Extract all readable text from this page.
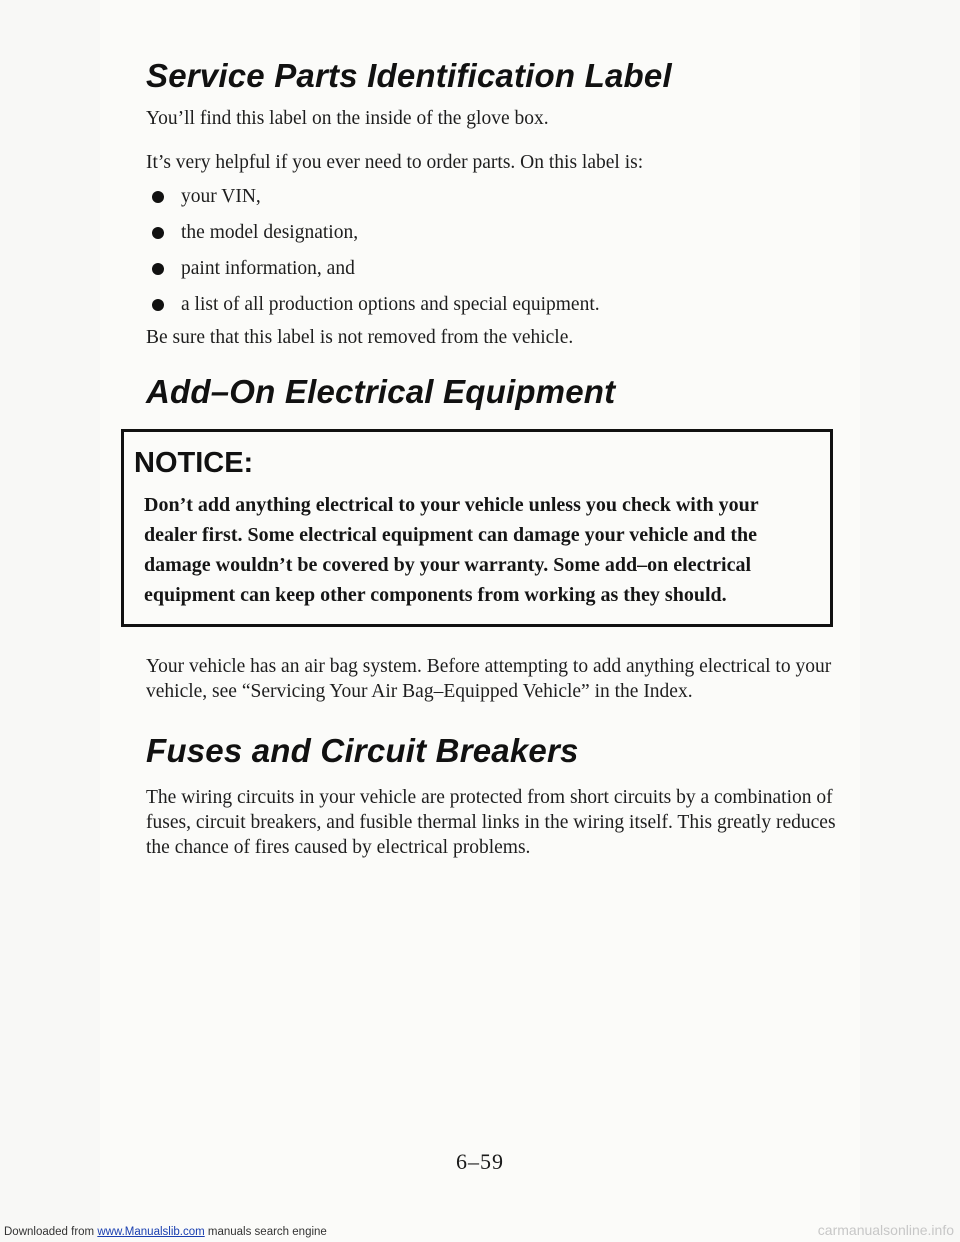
Service Parts Identification Label

You’ll find this label on the inside of the glove box.

It’s very helpful if you ever need to order parts. On this label is:

your VIN,
the model designation,
paint information, and
a list of all production options and special equipment.

Be sure that this label is not removed from the vehicle.

Add–On Electrical Equipment
NOTICE:

Don’t add anything electrical to your vehicle unless you check with your dealer first. Some electrical equipment can damage your vehicle and the damage wouldn’t be covered by your warranty. Some add–on electrical equipment can keep other components from working as they should.

Your vehicle has an air bag system. Before attempting to add anything electrical to your vehicle, see “Servicing Your Air Bag–Equipped Vehicle” in the Index.

Fuses and Circuit Breakers

The wiring circuits in your vehicle are protected from short circuits by a combination of fuses, circuit breakers, and fusible thermal links in the wiring itself. This greatly reduces the chance of fires caused by electrical problems.

6–59
Downloaded from www.Manualslib.com manuals search engine	carmanualsonline.info
